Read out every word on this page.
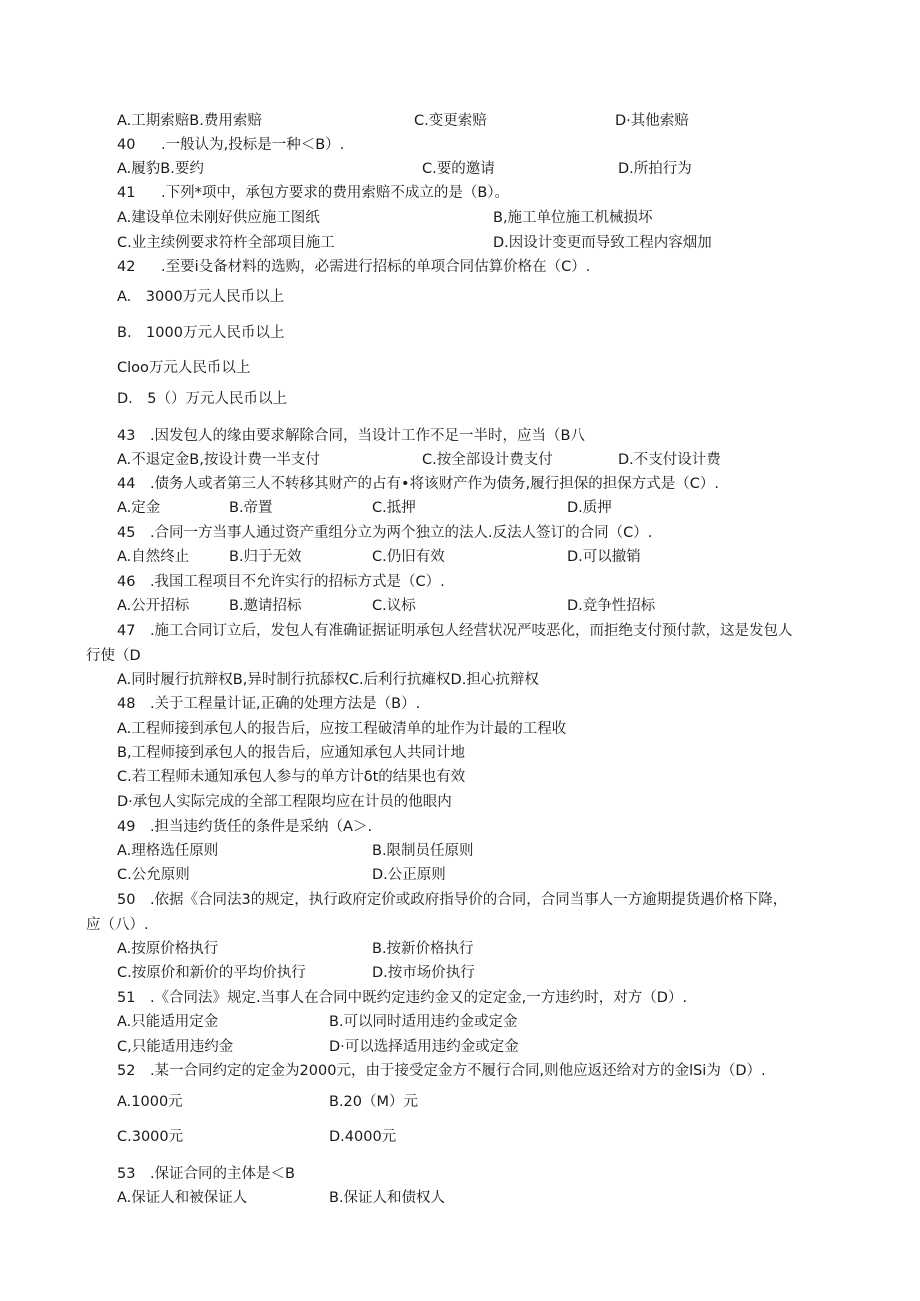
A.工期索赔B.费用索赔	C.变更索赔	D·其他索赔
40 .一般认为,投标是一种＜B）.
A.履豹B.要约	C.要的邀请	D.所拍行为
41 .下列*项中，承包方要求的费用索赔不成立的是（B）。
A.建设单位未刚好供应施工图纸	B,施工单位施工机械损坏
C.业主续例要求符杵全部项目施工	D.因设计变更而导致工程内容烟加
42 .至要i殳备材料的选购，必需进行招标的单项合同估算价格在（C）.
A.　3000万元人民币以上
B.　1000万元人民币以上
Cloo万元人民币以上
D.　5（）万元人民币以上
43　.因发包人的缘由要求解除合同，当设计工作不足一半时，应当（B八
A.不退定金B,按设计费一半支付	C.按全部设计费支付	D.不支付设计费
44　.债务人或者第三人不转移其财产的占有•将该财产作为债务,履行担保的担保方式是（C）.
A.定金	B.帝置	C.抵押	D.质押
45　.合同一方当事人通过资产重组分立为两个独立的法人.反法人签订的合同（C）.
A.自然终止	B.归于无效	C.仍旧有效	D.可以撤销
46　.我国工程项目不允许实行的招标方式是（C）.
A.公开招标	B.邀请招标	C.议标	D.竞争性招标
47　.施工合同订立后，发包人有准确证据证明承包人经营状况严吱恶化，而拒绝支付预付款，这是发包人
行使（D
A.同时履行抗辩权B,异时制行抗舔权C.后利行抗瘫权D.担心抗辩权
48　.关于工程量计证,正确的处理方法是（B）.
A.工程师接到承包人的报告后，应按工程破清单的址作为计最的工程收
B,工程师接到承包人的报告后，应通知承包人共同计地
C.若工程师未通知承包人参与的单方计δt的结果也有效
D·承包人实际完成的全部工程限均应在计员的他眼内
49　.担当违约货任的条件是采纳（A＞.
A.理格选任原则	B.限制员任原则
C.公允原则	D.公正原则
50　.依据《合同法3的规定，执行政府定价或政府指导价的合同，合同当事人一方逾期提货遇价格下降，
应（八）.
A.按原价格执行	B.按新价格执行
C.按原价和新价的平均价执行	D.按市场价执行
51　.《合同法》规定.当事人在合同中既约定违约金又的定定金,一方违约时，对方（D）.
A.只能适用定金	B.可以同时适用违约金或定金
C,只能适用违约金	D·可以选择适用违约金或定金
52　.某一合同约定的定金为2000元，由于接受定金方不履行合同,则他应返还给对方的金lSi为（D）.
A.1000元	B.20（M）元
C.3000元	D.4000元
53　.保证合同的主体是＜B
A.保证人和被保证人	B.保证人和债权人
